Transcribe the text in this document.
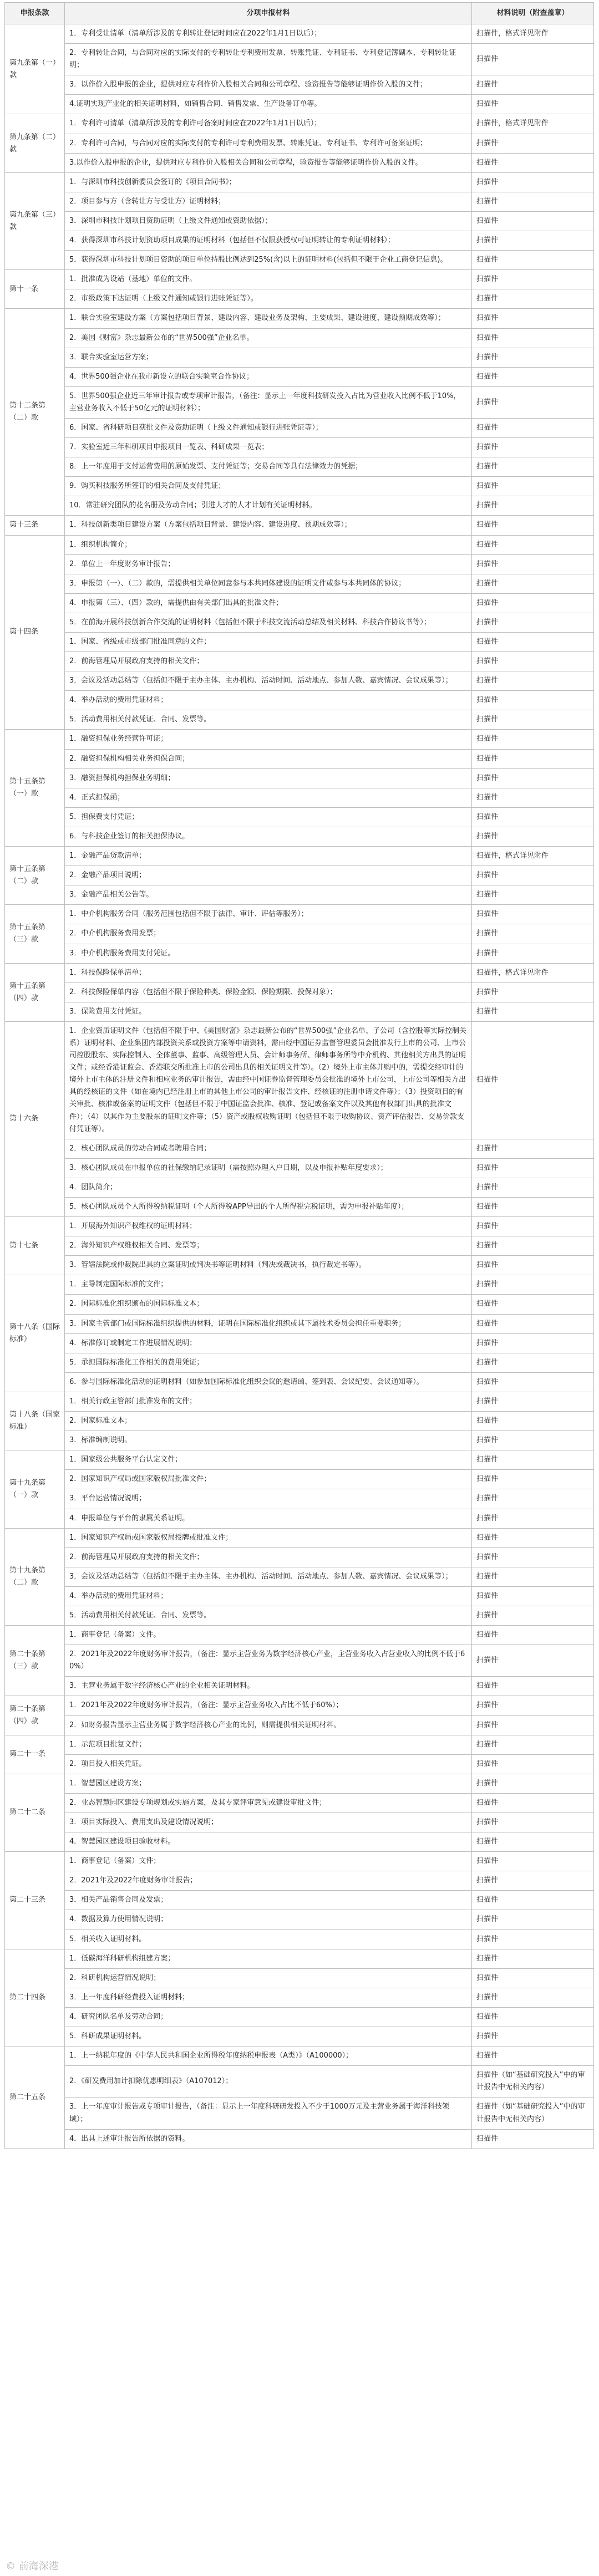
申报条款	分项申报材料	材料说明（附查盖章）
第九条第（一）款	1．专利受让清单（清单所涉及的专利转让登记时间应在2022年1月1日以后）；	扫描件，格式详见附件
	2．专利转让合同，与合同对应的实际支付的专利转让专利费用发票、转账凭证、专利证书、专利登记簿副本、专利转让证明；	扫描件
	3．以作价入股申报的企业，提供对应专利作价入股相关合同和公司章程、验资报告等能够证明作价入股的文件；	扫描件
	4.证明实现产业化的相关证明材料，如销售合同、销售发票、生产设备订单等。	扫描件
第九条第（二）款	1．专利许可清单（清单所涉及的专利许可备案时间应在2022年1月1日以后）；	扫描件，格式详见附件
	2．专利许可合同，与合同对应的实际支付的专利许可专利费用发票、转账凭证、专利证书、专利许可备案证明；	扫描件
	3.以作价入股申报的企业，提供对应专利作价入股相关合同和公司章程，验资报告等能够证明作价入股的文件。	扫描件
第九条第（三）款	1．与深圳市科技创新委员会签订的《项目合同书》；	扫描件
	2．项目参与方（含转让方与受让方）证明材料；	扫描件
	3．深圳市科技计划项目资助证明（上级文件通知或资助依据）；	扫描件
	4．获得深圳市科技计划资助项目成果的证明材料（包括但不仅限获授权可证明转让的专利证明材料）；	扫描件
	5．获得深圳市科技计划项目资助的项目单位持股比例达到25%(含)以上的证明材料(包括但不限于企业工商登记信息)。	扫描件
第十一条	1．批准成为设站（基地）单位的文件。	扫描件
	2．市级政策下达证明（上级文件通知或银行进账凭证等）。	扫描件
第十二条第（二）款	1．联合实验室建设方案（方案包括项目背景、建设内容、建设业务及架构、主要成果、建设进度、建设预期成效等）；	扫描件
	2．美国《财富》杂志最新公布的“世界500强”企业名单。	扫描件
	3．联合实验室运营方案；	扫描件
	4．世界500强企业在我市新设立的联合实验室合作协议；	扫描件
	5．世界500强企业近三年审计报告或专项审计报告，（备注：显示上一年度科技研发投入占比为营业收入比例不低于10%，主营业务收入不低于50亿元的证明材料）；	扫描件
	6．国家、省科研项目获批文件及资助证明（上级文件通知或银行进账凭证等）；	扫描件
	7．实验室近三年科研项目申报项目一览表、科研成果一览表；	扫描件
	8．上一年度用于支付运营费用的原始发票、支付凭证等；交易合同等具有法律效力的凭据；	扫描件
	9．购买科技服务所签订的相关合同及支付凭证；	扫描件
	10．常驻研究团队的花名册及劳动合同；引进人才的人才计划有关证明材料。	扫描件
第十三条	1．科技创新类项目建设方案（方案包括项目背景、建设内容、建设进度、预期成效等）；	扫描件
第十四条	1．组织机构简介；	扫描件
	2．单位上一年度财务审计报告；	扫描件
	3．申报第（一）、（二）款的，需提供相关单位同意参与本共同体建设的证明文件或参与本共同体的协议；	扫描件
	4．申报第（三）、（四）款的，需提供由有关部门出具的批准文件；	扫描件
	5．在前海开展科技创新合作交流的证明材料（包括但不限于科技交流活动总结及相关材料、科技合作协议书等）；	扫描件
	1．国家、省级或市级部门批准同意的文件；	扫描件
	2．前海管理局开展政府支持的相关文件；	扫描件
	3．会议及活动总结等（包括但不限于主办主体、主办机构、活动时间、活动地点、参加人数、嘉宾情况、会议成果等）；	扫描件
	4．举办活动的费用凭证材料；	扫描件
	5．活动费用相关付款凭证、合同、发票等。	扫描件
第十五条第（一）款	1．融资担保业务经营许可证；	扫描件
	2．融资担保机构相关业务担保合同；	扫描件
	3．融资担保机构担保业务明细；	扫描件
	4．正式担保函；	扫描件
	5．担保费支付凭证；	扫描件
	6．与科技企业签订的相关担保协议。	扫描件
第十五条第（二）款	1．金融产品贷款清单；	扫描件，格式详见附件
	2．金融产品项目说明；	扫描件
	3．金融产品相关公告等。	扫描件
第十五条第（三）款	1．中介机构服务合同（服务范围包括但不限于法律、审计、评估等服务）；	扫描件
	2．中介机构服务费用发票；	扫描件
	3．中介机构服务费用支付凭证。	扫描件
第十五条第（四）款	1．科技保险保单清单；	扫描件，格式详见附件
	2．科技保险保单内容（包括但不限于保险种类、保险金额、保险期限、投保对象）；	扫描件
	3．保险费用支付凭证。	扫描件
第十六条	1．企业资质证明文件（包括但不限于中、《美国财富》杂志最新公布的“世界500强”企业名单、子公司（含控股等实际控制关系）证明材料、企业集团内部投资关系或投资方案等申请资料，需由经中国证券监督管理委员会批准发行上市的公司、上市公司控股股东、实际控制人、全体董事、监事、高级管理人员、会计师事务所、律师事务所等中介机构、其他相关方出具的证明文件；或经香港证监会、香港联交所批准上市的公司出具的相关证明文件等）。（2）境外上市主体并购中的，需提交经审计的境外上市主体的注册文件和相应业务的审计报告，需由经中国证券监督管理委员会批准的境外上市公司，上市公司等相关方出具的经核证的文件（如在境内已经注册上市的其他上市公司的审计报告文件、经核证的注册申请文件等）；（3）投资项目的有关审批、核准或备案的证明文件（包括但不限于中国证监会批准、核准、登记或备案文件以及其他有权部门出具的批准文件）；（4）以其作为主要股东的证明文件等；（5）资产或股权收购证明（包括但不限于收购协议、资产评估报告、交易价款支付凭证等）。	扫描件
	2．核心团队成员的劳动合同或者聘用合同；	扫描件
	3．核心团队成员在申报单位的社保缴纳记录证明（需按照办理入户日期，以及申报补贴年度要求）；	扫描件
	4．团队简介；	扫描件
	5．核心团队成员个人所得税纳税证明（个人所得税APP导出的个人所得税完税证明，需为申报补贴年度）；	扫描件
第十七条	1．开展海外知识产权维权的证明材料；	扫描件
	2．海外知识产权维权相关合同、发票等；	扫描件
	3．管辖法院或仲裁院出具的立案证明或判决书等证明材料（判决或裁决书，执行裁定书等）。	扫描件
第十八条（国际标准）	1．主导制定国际标准的文件；	扫描件
	2．国际标准化组织颁布的国际标准文本；	扫描件
	3．国家主管部门或国际标准组织提供的材料，证明在国际标准化组织或其下属技术委员会担任重要职务；	扫描件
	4．标准修订或制定工作进展情况说明；	扫描件
	5．承担国际标准化工作相关的费用凭证；	扫描件
	6．参与国际标准化活动的证明材料（如参加国际标准化组织会议的邀请函、签到表、会议纪要、会议通知等）。	扫描件
第十八条（国家标准）	1．相关行政主管部门批准发布的文件；	扫描件
	2．国家标准文本；	扫描件
	3．标准编制说明。	扫描件
第十九条第（一）款	1．国家级公共服务平台认定文件；	扫描件
	2．国家知识产权局或国家版权局批准文件；	扫描件
	3．平台运营情况说明；	扫描件
	4．申报单位与平台的隶属关系证明。	扫描件
第十九条第（二）款	1．国家知识产权局或国家版权局授牌或批准文件；	扫描件
	2．前海管理局开展政府支持的相关文件；	扫描件
	3．会议及活动总结等（包括但不限于主办主体、主办机构、活动时间、活动地点、参加人数、嘉宾情况、会议成果等）；	扫描件
	4．举办活动的费用凭证材料；	扫描件
	5．活动费用相关付款凭证、合同、发票等。	扫描件
第二十条第（三）款	1．商事登记（备案）文件。	扫描件
	2．2021年及2022年度财务审计报告，（备注：显示主营业务为数字经济核心产业，主营业务收入占营业收入的比例不低于60%）	扫描件
	3．主营业务属于数字经济核心产业的企业相关证明材料。	扫描件
第二十条第（四）款	1．2021年及2022年度财务审计报告，（备注：显示主营业务收入占比不低于60%）；	扫描件
	2．如财务报告显示主营业务属于数字经济核心产业的比例，则需提供相关证明材料。	扫描件
第二十一条	1．示范项目批复文件；	扫描件
	2．项目投入相关凭证。	扫描件
第二十二条	1．智慧园区建设方案；	扫描件
	2．业态智慧园区建设专项规划或实施方案，及其专家评审意见或建设审批文件；	扫描件
	3．项目实际投入、费用支出及建设情况说明；	扫描件
	4．智慧园区建设项目验收材料。	扫描件
第二十三条	1．商事登记（备案）文件；	扫描件
	2．2021年及2022年度财务审计报告；	扫描件
	3．相关产品销售合同及发票；	扫描件
	4．数据及算力使用情况说明；	扫描件
	5．相关收入证明材料。	扫描件
第二十四条	1．低碳海洋科研机构组建方案；	扫描件
	2．科研机构运营情况说明；	扫描件
	3．上一年度科研经费投入证明材料；	扫描件
	4．研究团队名单及劳动合同；	扫描件
	5．科研成果证明材料。	扫描件
第二十五条	1．上一纳税年度的《中华人民共和国企业所得税年度纳税申报表（A类）》（A100000）；	扫描件
	2．《研发费用加计扣除优惠明细表》（A107012）；	扫描件（如“基础研究投入”中的审计报告中无相关内容）
	3．上一年度审计报告或专项审计报告，（备注：显示上一年度科研研发投入不少于1000万元及主营业务属于海洋科技领域）；	扫描件（如“基础研究投入”中的审计报告中无相关内容）
	4．出具上述审计报告所依据的资料。	扫描件
© 前海深港
